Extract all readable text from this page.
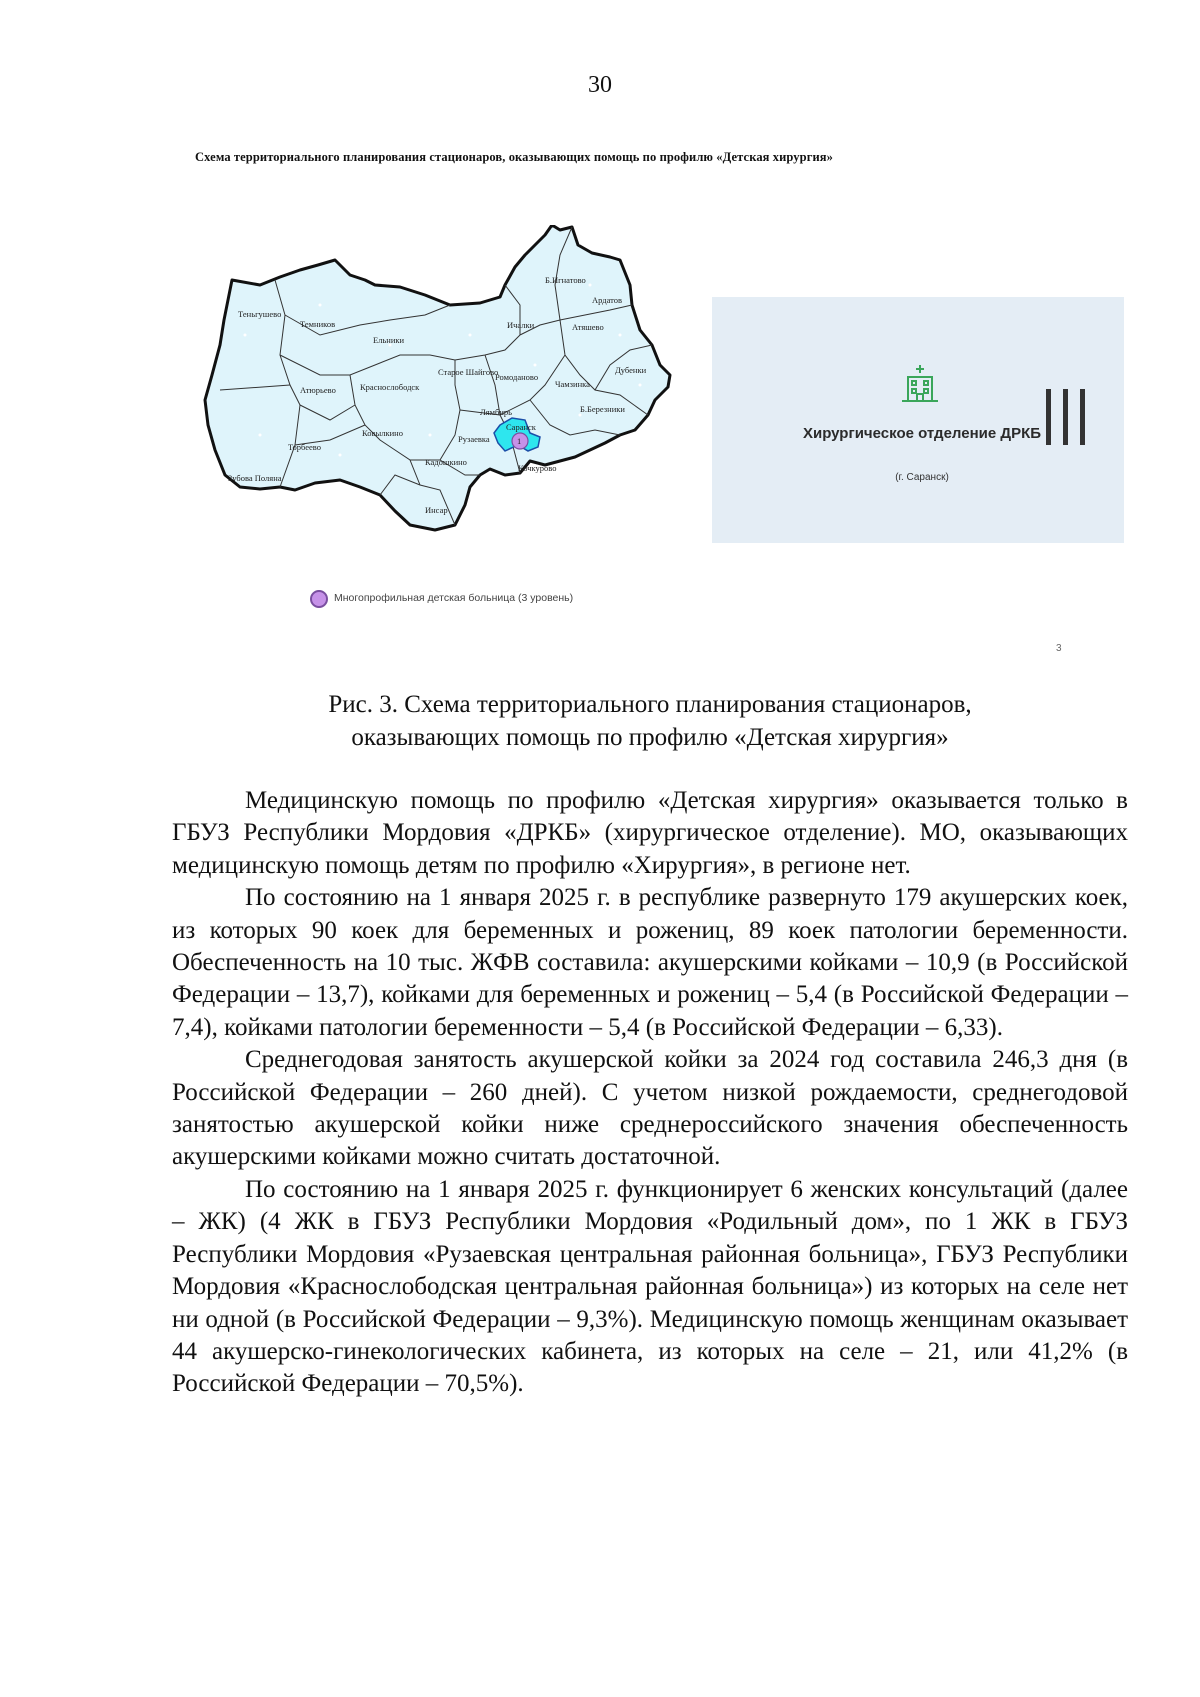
30
Схема территориального планирования стационаров, оказывающих помощь по профилю «Детская хирургия»
1
Теньгушево
Темников
Ельники
Б.Игнатово
Ардатов
Ичалки	Атяшево
Дубенки
Старое Шайгово
Ромоданово
Чамзинка
Атюрьево	Краснослободск
Б.Березники
Лямбирь
Торбеево
Ковылкино
Рузаевка
Саранск
Кадошкино
Кочкурово
Зубова Поляна
Инсар
Хирургическое отделение ДРКБ
(г. Саранск)
Многопрофильная детская больница (3 уровень)
3
Рис. 3. Схема территориального планирования стационаров,
оказывающих помощь по профилю «Детская хирургия»

Медицинскую помощь по профилю «Детская хирургия» оказывается только в ГБУЗ Республики Мордовия «ДРКБ» (хирургическое отделение). МО, оказывающих медицинскую помощь детям по профилю «Хирургия», в регионе нет.

По состоянию на 1 января 2025 г. в республике развернуто 179 акушерских коек, из которых 90 коек для беременных и рожениц, 89 коек патологии беременности. Обеспеченность на 10 тыс. ЖФВ составила: акушерскими койками – 10,9 (в Российской Федерации – 13,7), койками для беременных и рожениц – 5,4 (в Российской Федерации – 7,4), койками патологии беременности – 5,4 (в Российской Федерации – 6,33).

Среднегодовая занятость акушерской койки за 2024 год составила 246,3 дня (в Российской Федерации – 260 дней). С учетом низкой рождаемости, среднегодовой занятостью акушерской койки ниже среднероссийского значения обеспеченность акушерскими койками можно считать достаточной.

По состоянию на 1 января 2025 г. функционирует 6 женских консультаций (далее – ЖК) (4 ЖК в ГБУЗ Республики Мордовия «Родильный дом», по 1 ЖК в ГБУЗ Республики Мордовия «Рузаевская центральная районная больница», ГБУЗ Республики Мордовия «Краснослободская центральная районная больница») из которых на селе нет ни одной (в Российской Федерации – 9,3%). Медицинскую помощь женщинам оказывает 44 акушерско-гинекологических кабинета, из которых на селе – 21, или 41,2% (в Российской Федерации – 70,5%).
